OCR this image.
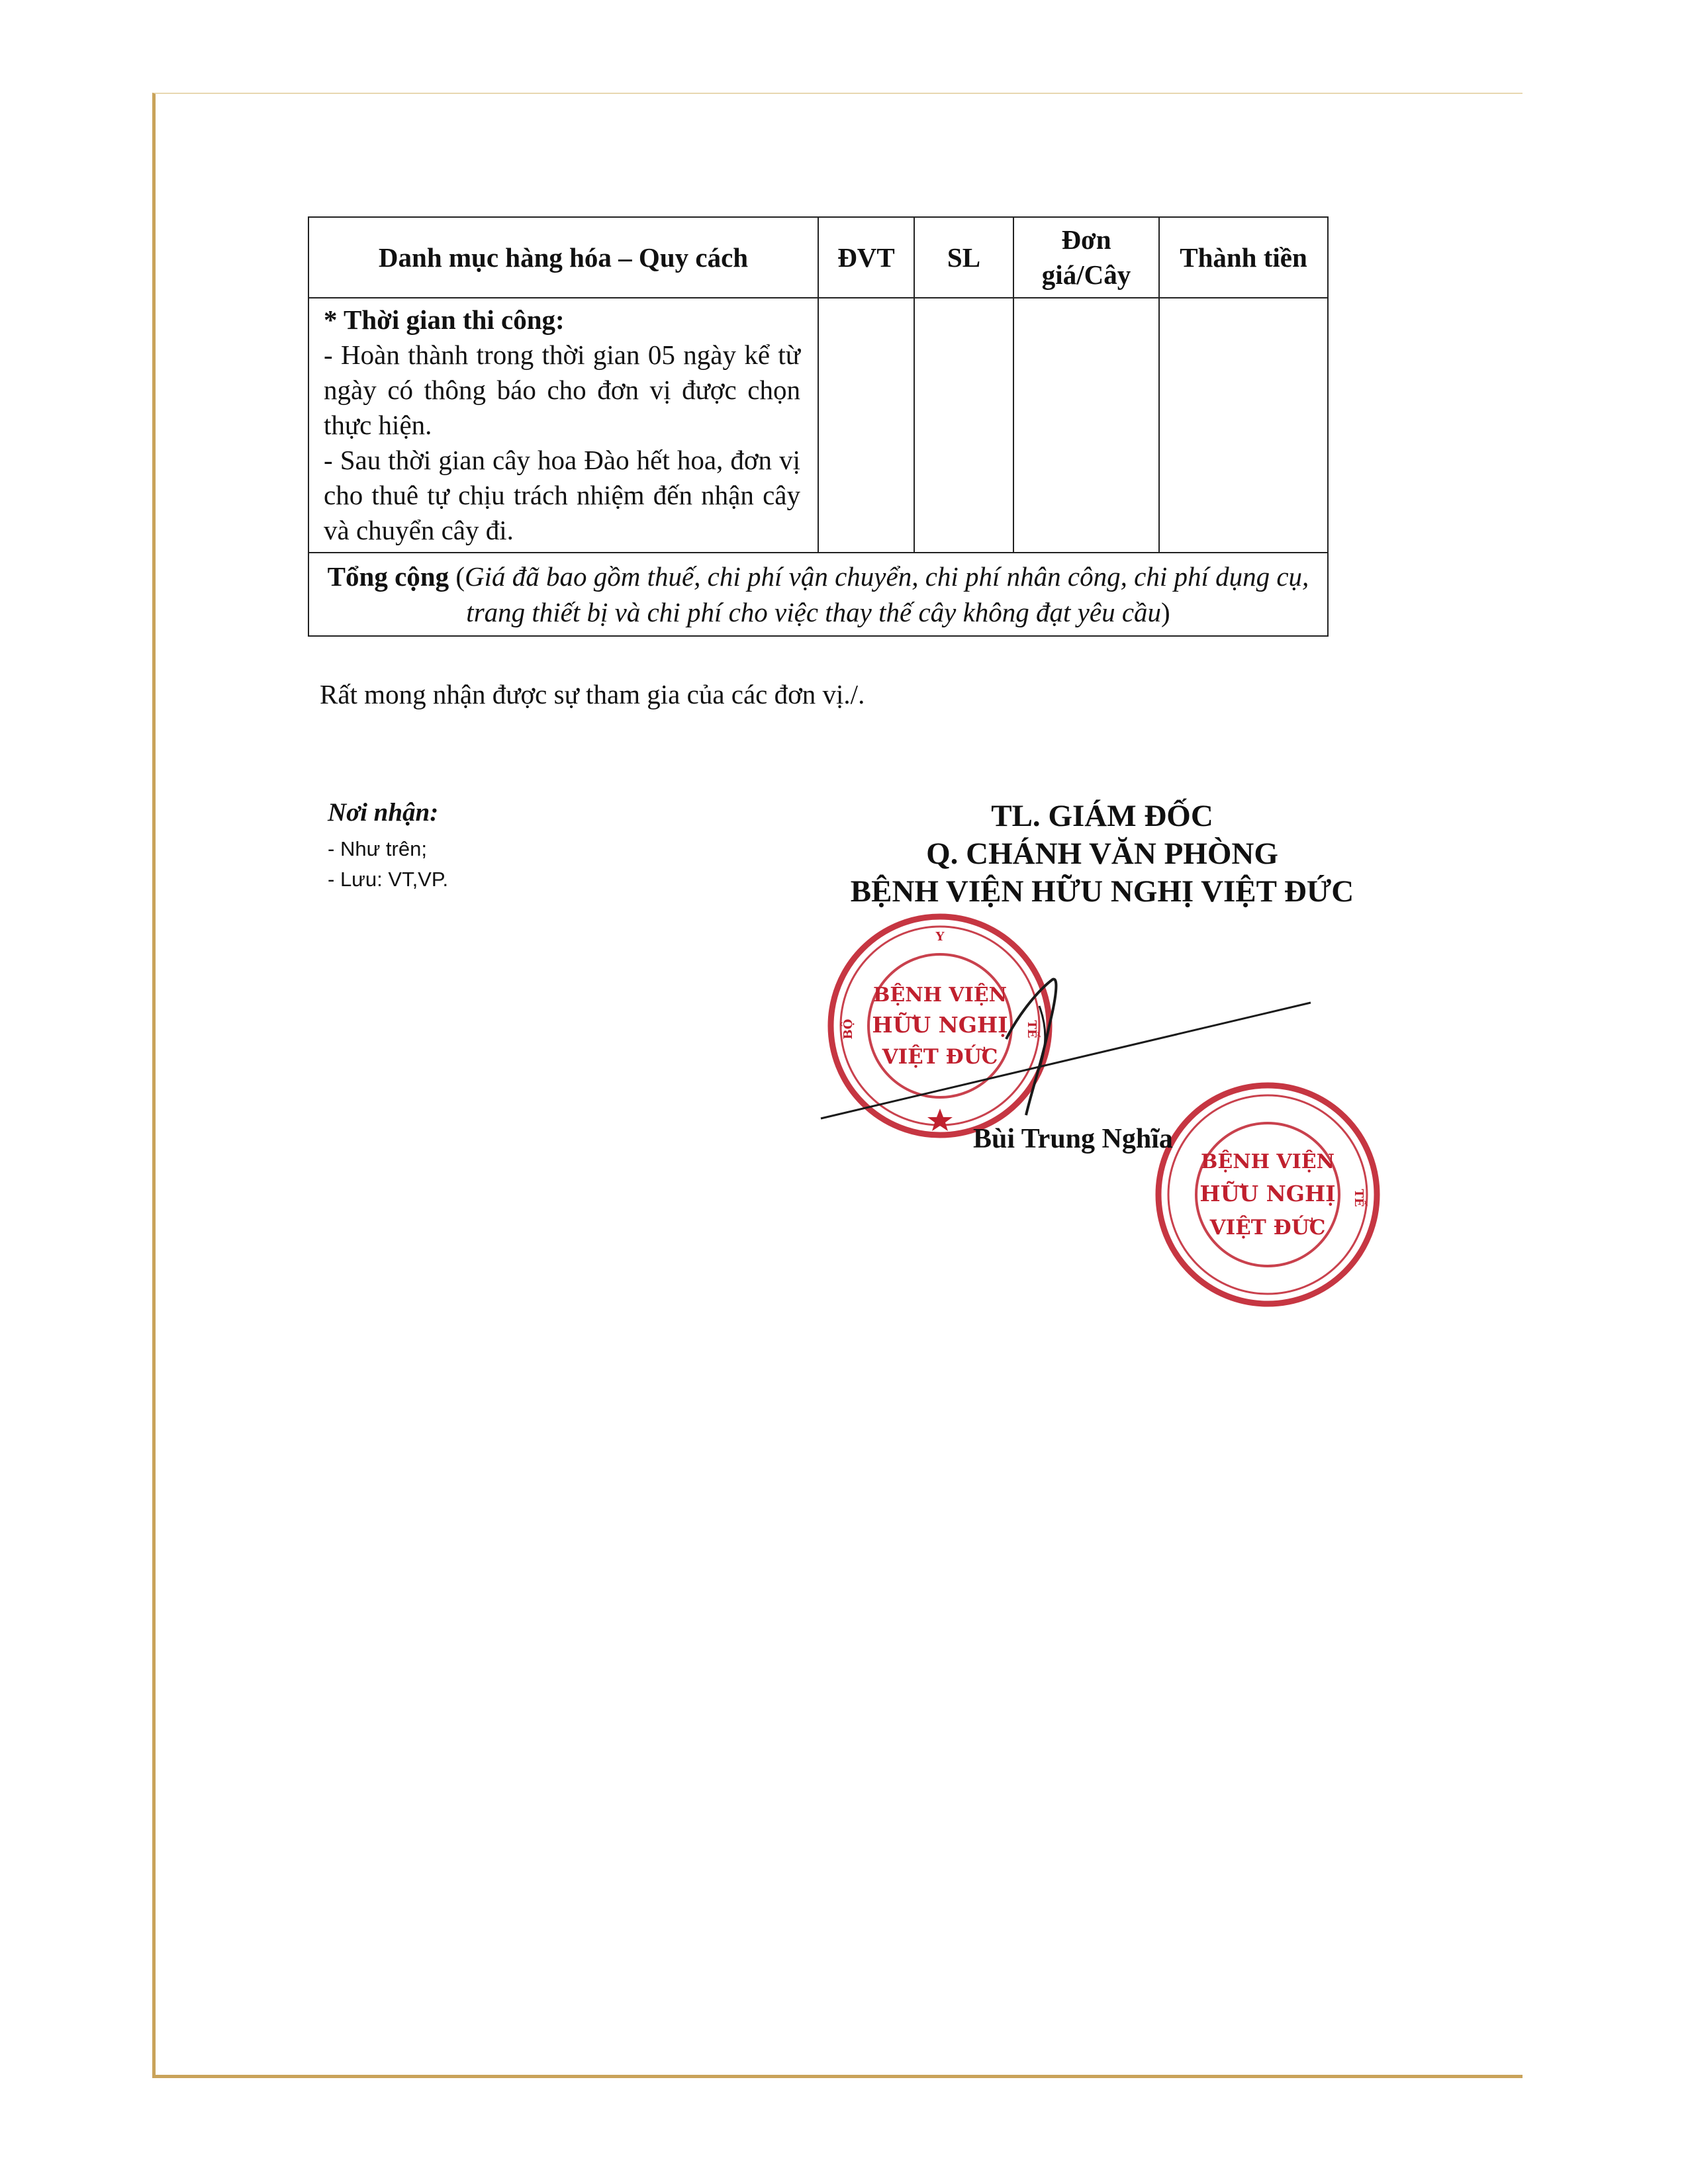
Danh mục hàng hóa – Quy cách	ĐVT	SL	Đơn giá/Cây	Thành tiền

* Thời gian thi công:
- Hoàn thành trong thời gian 05 ngày kể từ ngày có thông báo cho đơn vị được chọn thực hiện.
- Sau thời gian cây hoa Đào hết hoa, đơn vị cho thuê tự chịu trách nhiệm đến nhận cây và chuyển cây đi.				

Tổng cộng (Giá đã bao gồm thuế, chi phí vận chuyển, chi phí nhân công, chi phí dụng cụ, trang thiết bị và chi phí cho việc thay thế cây không đạt yêu cầu)				
Rất mong nhận được sự tham gia của các đơn vị./.
Nơi nhận:
- Như trên;
- Lưu: VT,VP.
TL. GIÁM ĐỐC
Q. CHÁNH VĂN PHÒNG
BỆNH VIỆN HỮU NGHỊ VIỆT ĐỨC
BỆNH VIỆN
HỮU NGHỊ
VIỆT ĐỨC
Y
BỘ	TẾ
BỆNH VIỆN
HỮU NGHỊ
VIỆT ĐỨC
TẾ
Bùi Trung Nghĩa
